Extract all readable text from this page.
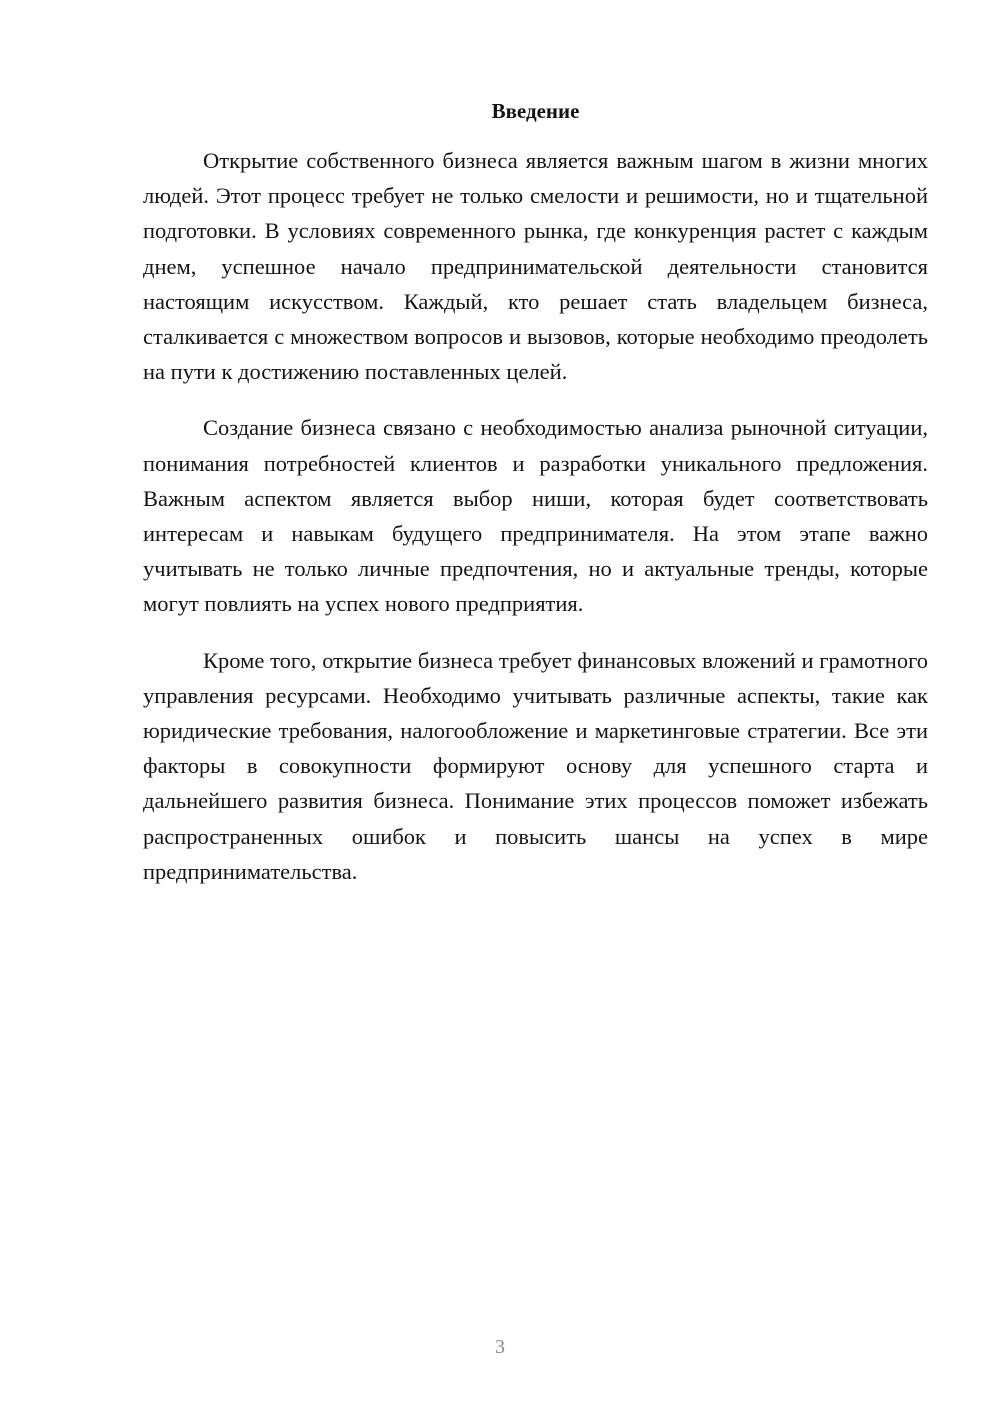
Введение

Открытие собственного бизнеса является важным шагом в жизни многих людей. Этот процесс требует не только смелости и решимости, но и тщательной подготовки. В условиях современного рынка, где конкуренция растет с каждым днем, успешное начало предпринимательской деятельности становится настоящим искусством. Каждый, кто решает стать владельцем бизнеса, сталкивается с множеством вопросов и вызовов, которые необходимо преодолеть на пути к достижению поставленных целей.

Создание бизнеса связано с необходимостью анализа рыночной ситуации, понимания потребностей клиентов и разработки уникального предложения. Важным аспектом является выбор ниши, которая будет соответствовать интересам и навыкам будущего предпринимателя. На этом этапе важно учитывать не только личные предпочтения, но и актуальные тренды, которые могут повлиять на успех нового предприятия.

Кроме того, открытие бизнеса требует финансовых вложений и грамотного управления ресурсами. Необходимо учитывать различные аспекты, такие как юридические требования, налогообложение и маркетинговые стратегии. Все эти факторы в совокупности формируют основу для успешного старта и дальнейшего развития бизнеса. Понимание этих процессов поможет избежать распространенных ошибок и повысить шансы на успех в мире предпринимательства.

3
